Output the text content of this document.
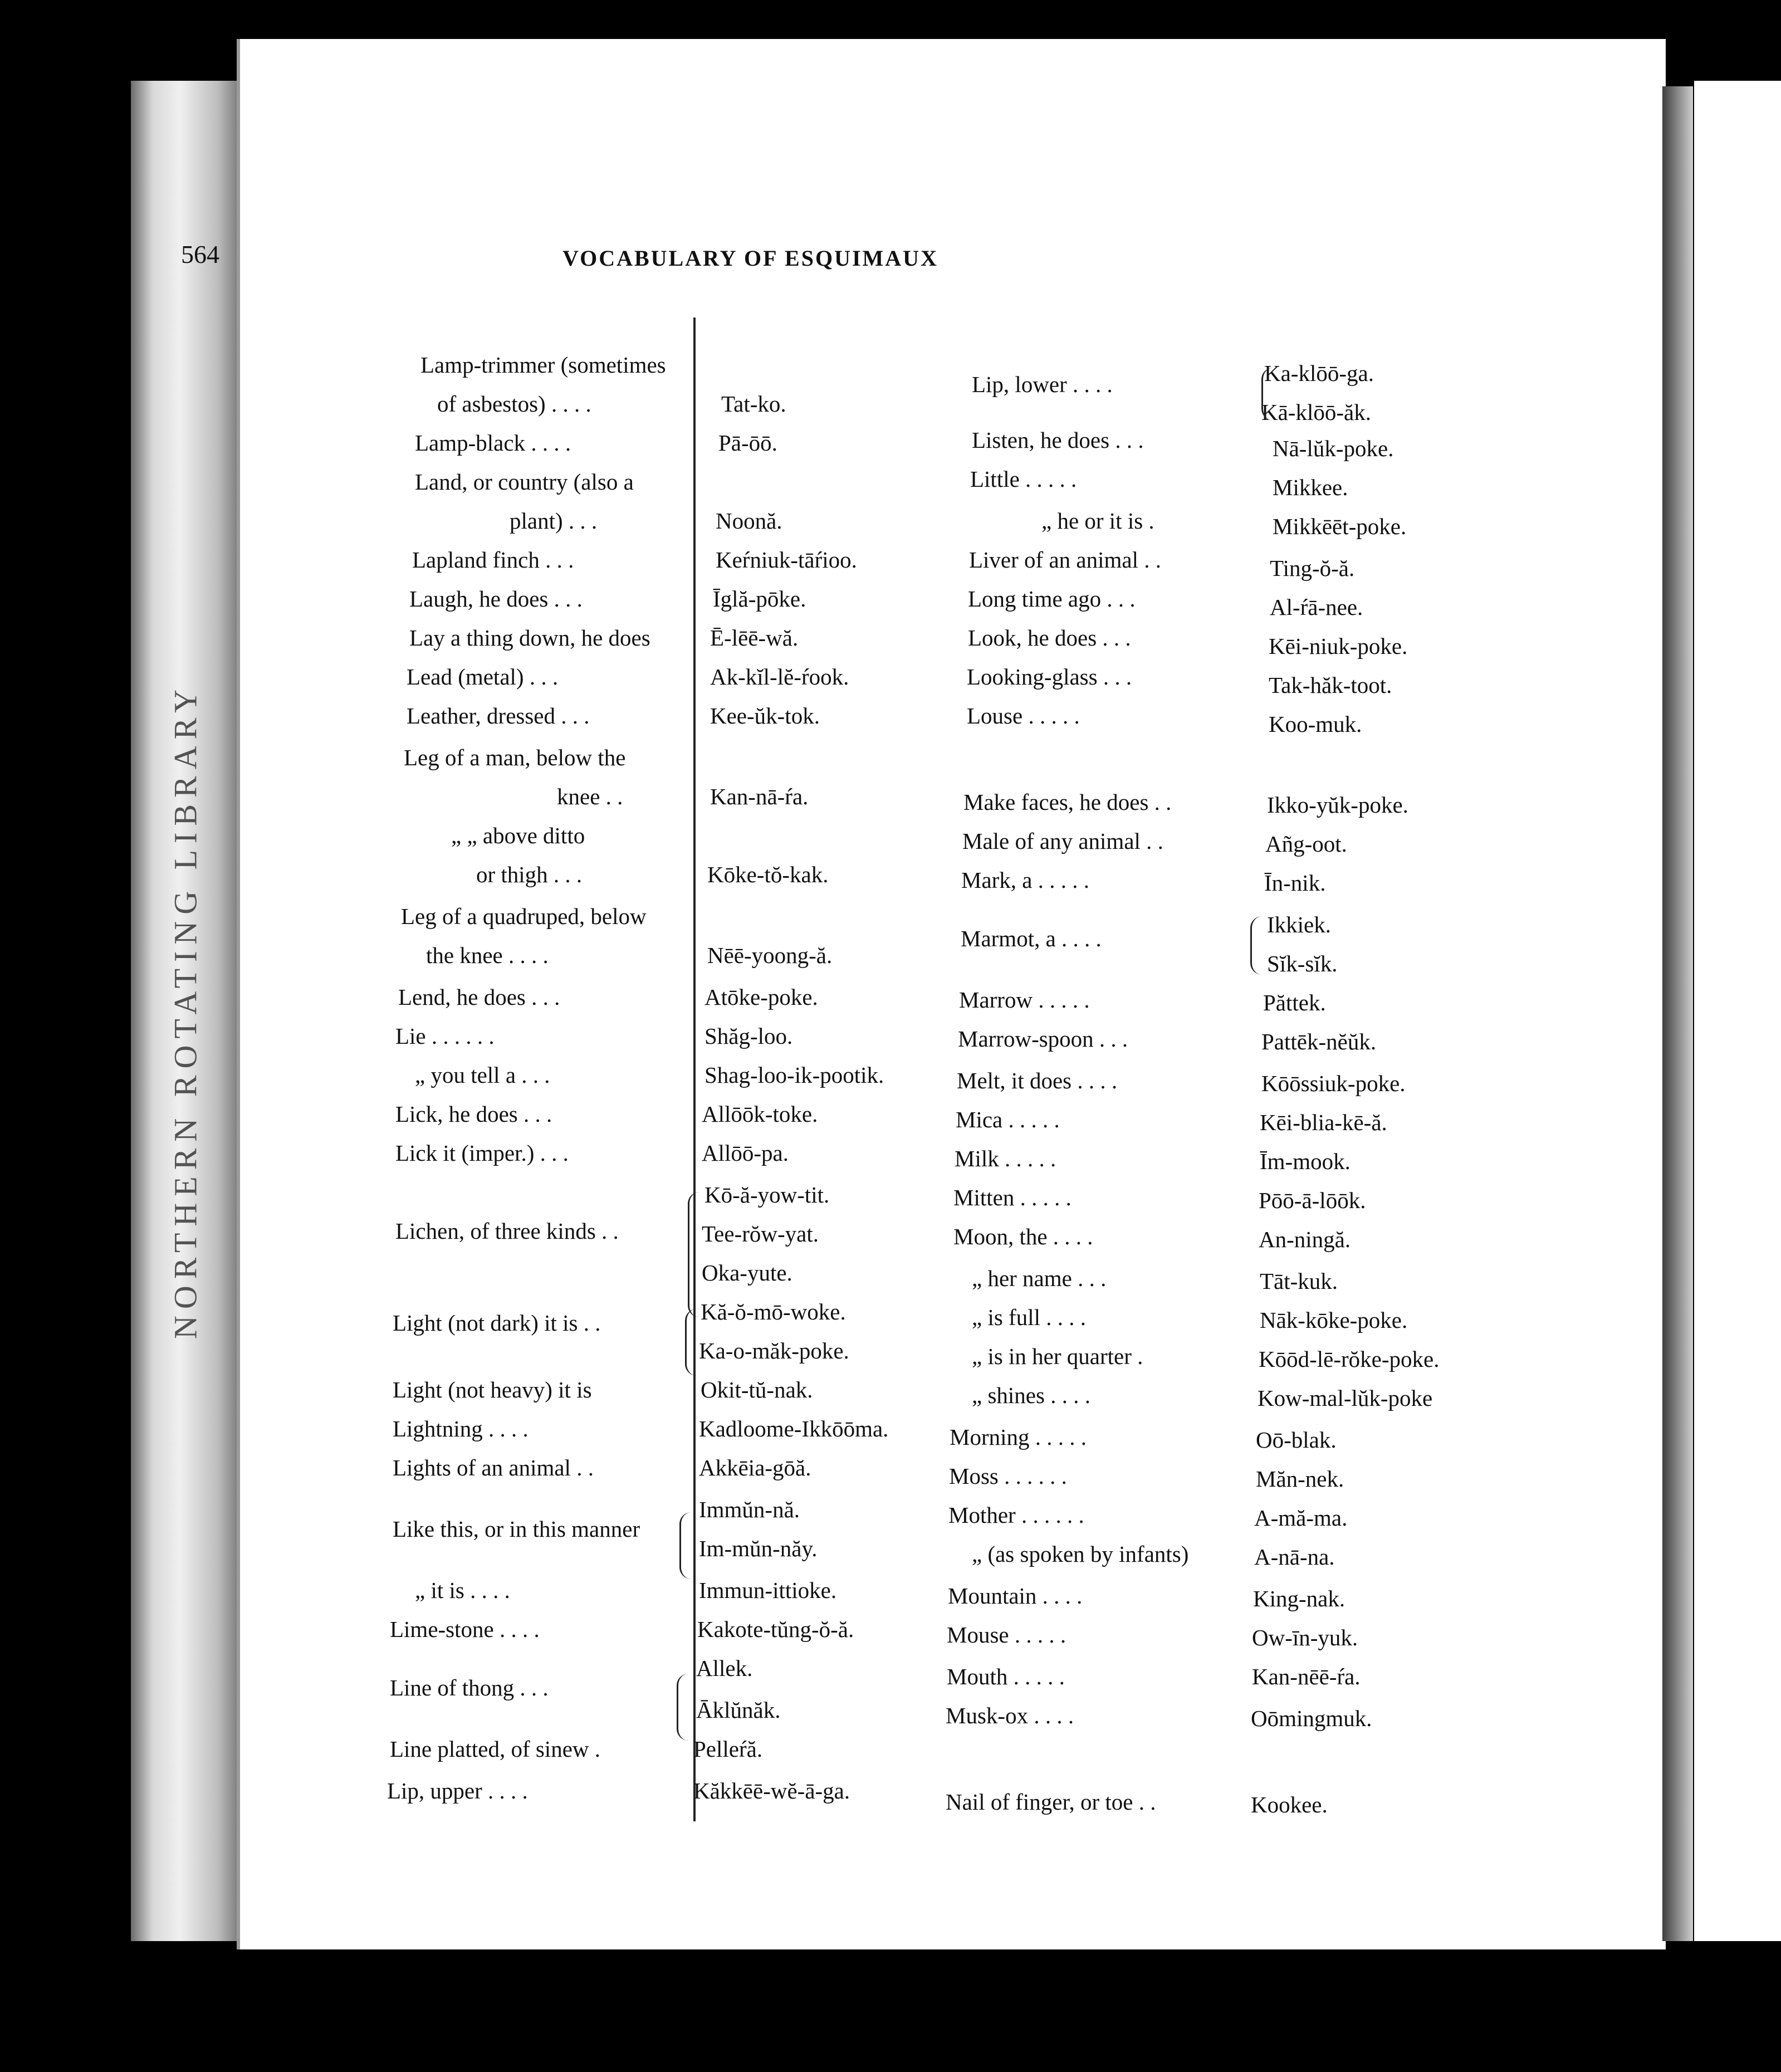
NORTHERN ROTATING LIBRARY
564	VOCABULARY OF ESQUIMAUX
Lamp-trimmer (sometimes
of asbestos) . . . .
Lamp-black . . . .
Land, or country (also a
plant) . . .
Lapland finch . . .
Laugh, he does . . .
Lay a thing down, he does
Lead (metal) . . .
Leather, dressed . . .
Leg of a man, below the
knee . .
„ „ above ditto
or thigh . . .
Leg of a quadruped, below
the knee . . . .
Lend, he does . . .
Lie . . . . . .
„ you tell a . . .
Lick, he does . . .
Lick it (imper.) . . .
Lichen, of three kinds . .
Light (not dark) it is . .
Light (not heavy) it is
Lightning . . . .
Lights of an animal . .
Like this, or in this manner
„ it is . . . .
Lime-stone . . . .
Line of thong . . .
Line platted, of sinew .
Lip, upper . . . .
Tat-ko.
Pā-ōō.
Noonă.
Keŕniuk-tāŕioo.
Īglă-pōke.
Ē-lēē-wă.
Ak-kĭl-lĕ-ŕook.
Kee-ŭk-tok.
Kan-nā-ŕa.
Kōke-tŏ-kak.
Nēē-yoong-ă.
Atōke-poke.
Shăg-loo.
Shag-loo-ik-pootik.
Allōōk-toke.
Allōō-pa.
Kō-ă-yow-tit.
Tee-rŏw-yat.
Oka-yute.
Kă-ŏ-mō-woke.
Ka-o-măk-poke.
Okit-tŭ-nak.
Kadloome-Ikkōōma.
Akkēia-gōă.
Immŭn-nă.
Im-mŭn-năy.
Immun-ittioke.
Kakote-tŭng-ŏ-ă.
Allek.
Āklŭnăk.
Pelleŕă.
Kăkkēē-wĕ-ā-ga.
Lip, lower . . . .
Listen, he does . . .
Little . . . . .
„ he or it is .
Liver of an animal . .
Long time ago . . .
Look, he does . . .
Looking-glass . . .
Louse . . . . .
Make faces, he does . .
Male of any animal . .
Mark, a . . . . .
Marmot, a . . . .
Marrow . . . . .
Marrow-spoon . . .
Melt, it does . . . .
Mica . . . . .
Milk . . . . .
Mitten . . . . .
Moon, the . . . .
„ her name . . .
„ is full . . . .
„ is in her quarter .
„ shines . . . .
Morning . . . . .
Moss . . . . . .
Mother . . . . . .
„ (as spoken by infants)
Mountain . . . .
Mouse . . . . .
Mouth . . . . .
Musk-ox . . . .
Nail of finger, or toe . .
Ka-klōō-ga.
Kā-klōō-ăk.
Nā-lŭk-poke.
Mikkee.
Mikkēēt-poke.
Ting-ŏ-ă.
Al-ŕā-nee.
Kēi-niuk-poke.
Tak-hăk-toot.
Koo-muk.
Ikko-yŭk-poke.
Añg-oot.
Īn-nik.
Ikkiek.
Sĭk-sĭk.
Păttek.
Pattēk-nĕŭk.
Kōōssiuk-poke.
Kēi-blia-kē-ă.
Īm-mook.
Pōō-ā-lōōk.
An-ningă.
Tāt-kuk.
Nāk-kōke-poke.
Kōōd-lē-rŏke-poke.
Kow-mal-lŭk-poke
Oō-blak.
Măn-nek.
A-mă-ma.
A-nā-na.
King-nak.
Ow-īn-yuk.
Kan-nēē-ŕa.
Oōmingmuk.
Kookee.
